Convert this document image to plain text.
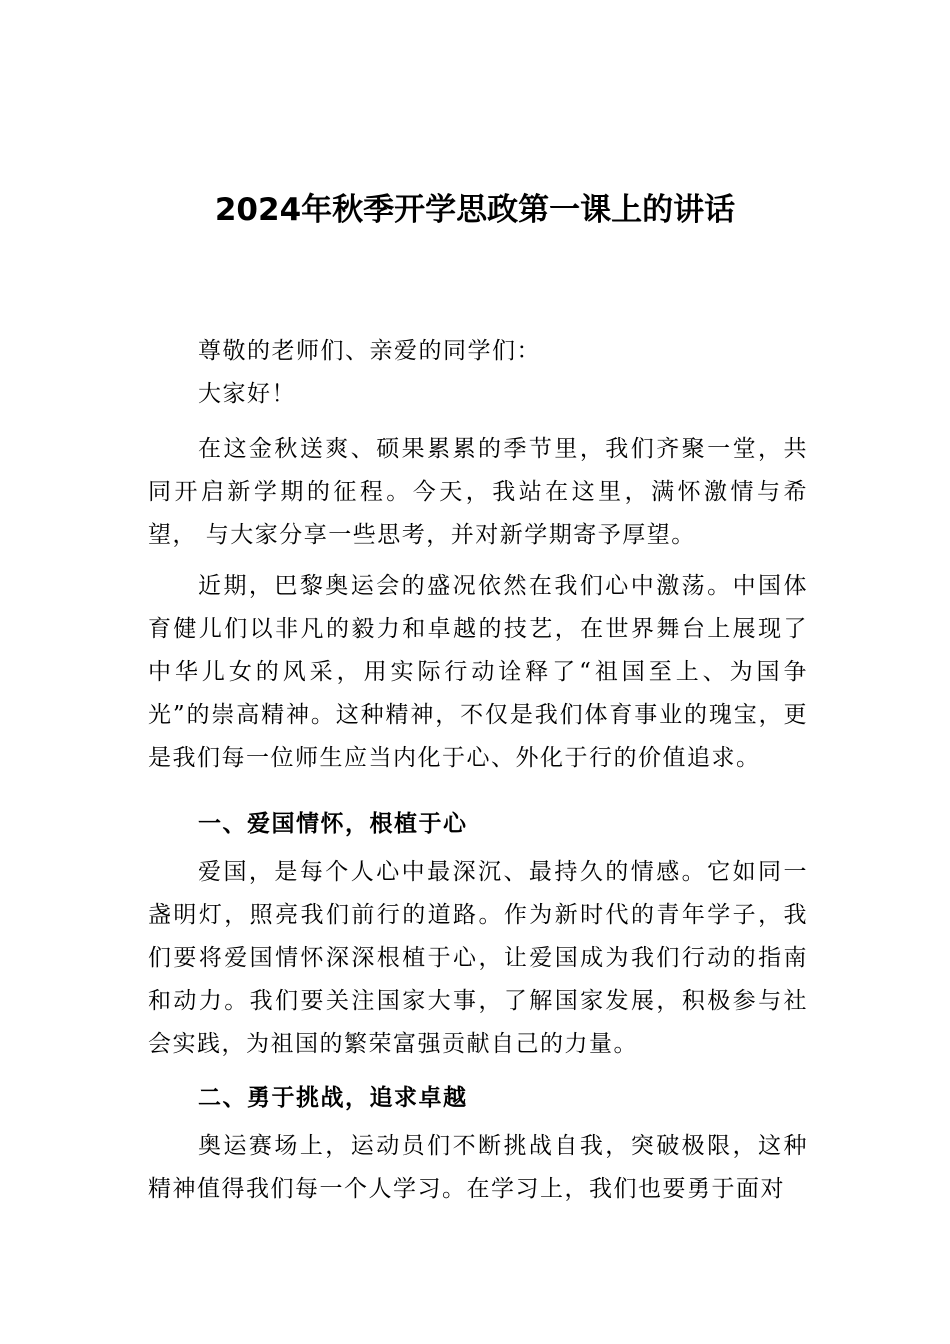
2024年秋季开学思政第一课上的讲话

尊敬的老师们、亲爱的同学们：

大家好！

在这金秋送爽、硕果累累的季节里，我们齐聚一堂，共同开启新学期的征程。今天，我站在这里，满怀激情与希望， 与大家分享一些思考，并对新学期寄予厚望。

近期，巴黎奥运会的盛况依然在我们心中激荡。中国体育健儿们以非凡的毅力和卓越的技艺，在世界舞台上展现了中华儿女的风采，用实际行动诠释了“祖国至上、为国争光”的崇高精神。这种精神，不仅是我们体育事业的瑰宝，更是我们每一位师生应当内化于心、外化于行的价值追求。

一、爱国情怀，根植于心

爱国，是每个人心中最深沉、最持久的情感。它如同一盏明灯，照亮我们前行的道路。作为新时代的青年学子，我们要将爱国情怀深深根植于心，让爱国成为我们行动的指南和动力。我们要关注国家大事，了解国家发展，积极参与社会实践，为祖国的繁荣富强贡献自己的力量。

二、勇于挑战，追求卓越

奥运赛场上，运动员们不断挑战自我，突破极限，这种精神值得我们每一个人学习。在学习上，我们也要勇于面对
